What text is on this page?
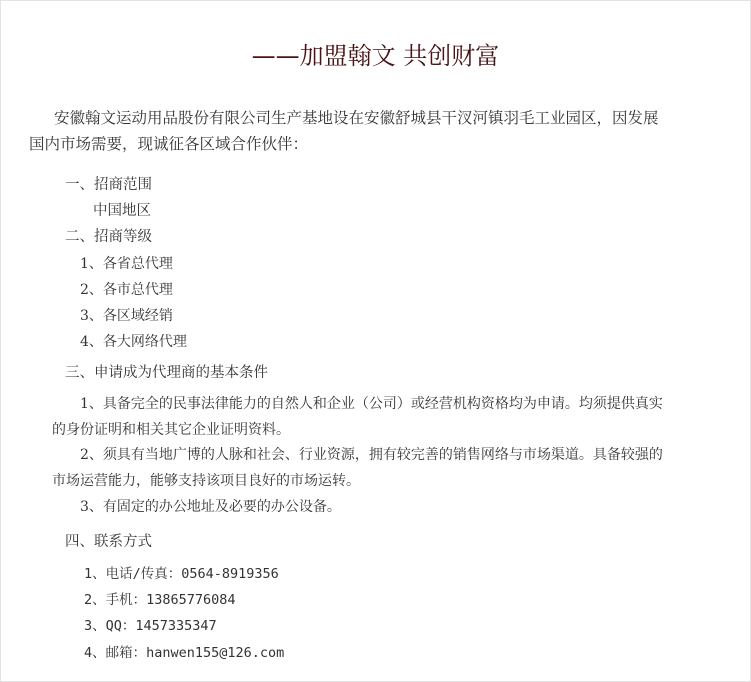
——加盟翰文 共创财富
安徽翰文运动用品股份有限公司生产基地设在安徽舒城县干汊河镇羽毛工业园区，因发展
国内市场需要，现诚征各区域合作伙伴：
一、招商范围
中国地区
二、招商等级
1、各省总代理
2、各市总代理
3、各区域经销
4、各大网络代理
三、申请成为代理商的基本条件
1、具备完全的民事法律能力的自然人和企业（公司）或经营机构资格均为申请。均须提供真实
的身份证明和相关其它企业证明资料。
2、须具有当地广博的人脉和社会、行业资源，拥有较完善的销售网络与市场渠道。具备较强的
市场运营能力，能够支持该项目良好的市场运转。
3、有固定的办公地址及必要的办公设备。
四、联系方式
1、电话/传真：0564-8919356
2、手机：13865776084
3、QQ：1457335347
4、邮箱：hanwen155@126.com
